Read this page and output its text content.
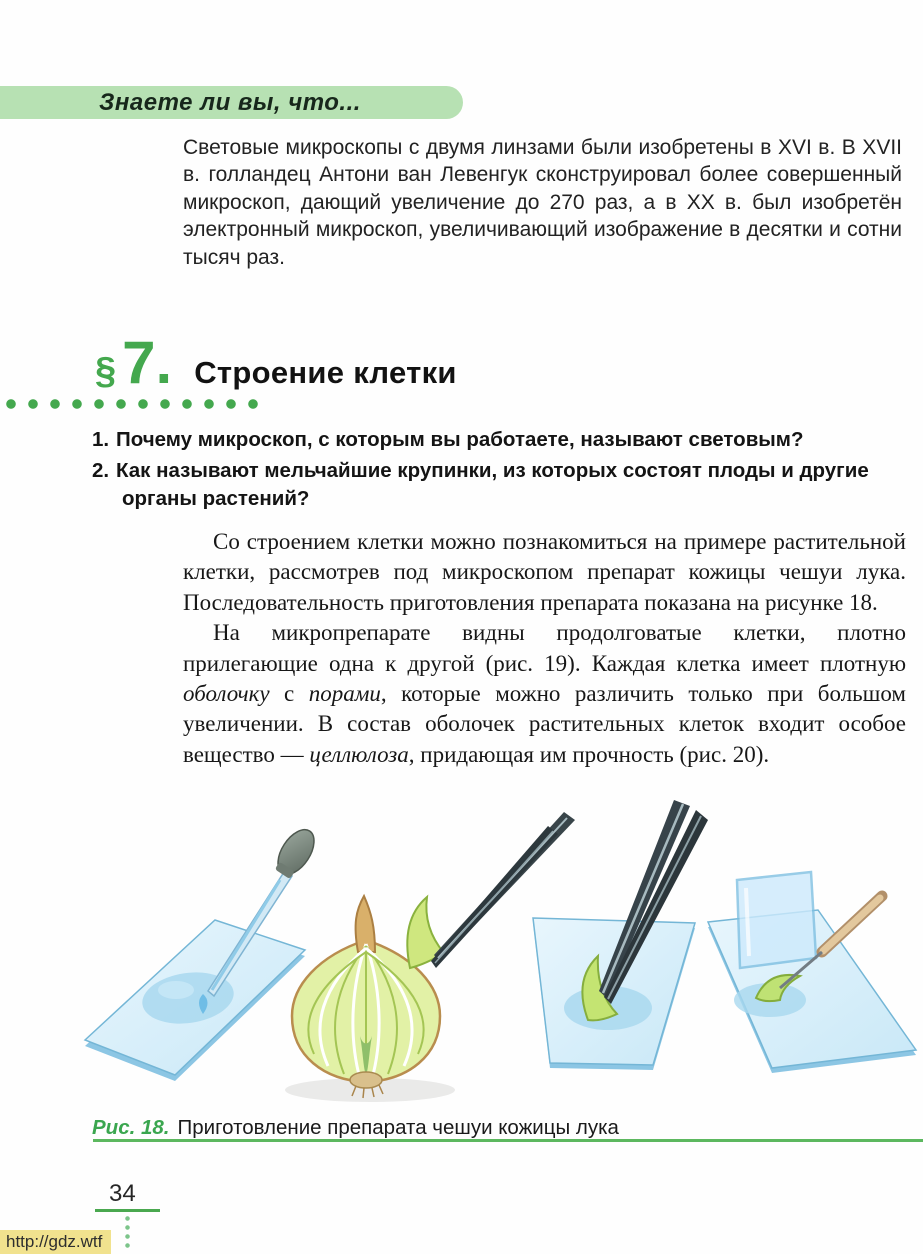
Знаете ли вы, что...
Световые микроскопы с двумя линзами были изобретены в XVI в. В XVII в. голландец Антони ван Левенгук сконструировал более совершенный микроскоп, дающий увеличение до 270 раз, а в XX в. был изобретён электронный микроскоп, увеличивающий изображение в десятки и сотни тысяч раз.
§ 7. Строение клетки

1. Почему микроскоп, с которым вы работаете, называют световым?

2. Как называют мельчайшие крупинки, из которых состоят плоды и другие органы растений?

Со строением клетки можно познакомиться на примере растительной клетки, рассмотрев под микроскопом препарат кожицы чешуи лука. Последовательность приготовления препарата показана на рисунке 18.

На микропрепарате видны продолговатые клетки, плотно прилегающие одна к другой (рис. 19). Каждая клетка имеет плотную оболочку с порами, которые можно различить только при большом увеличении. В состав оболочек растительных клеток входит особое вещество — целлюлоза, придающая им прочность (рис. 20).

Рис. 18. Приготовление препарата чешуи кожицы лука
34
http://gdz.wtf
